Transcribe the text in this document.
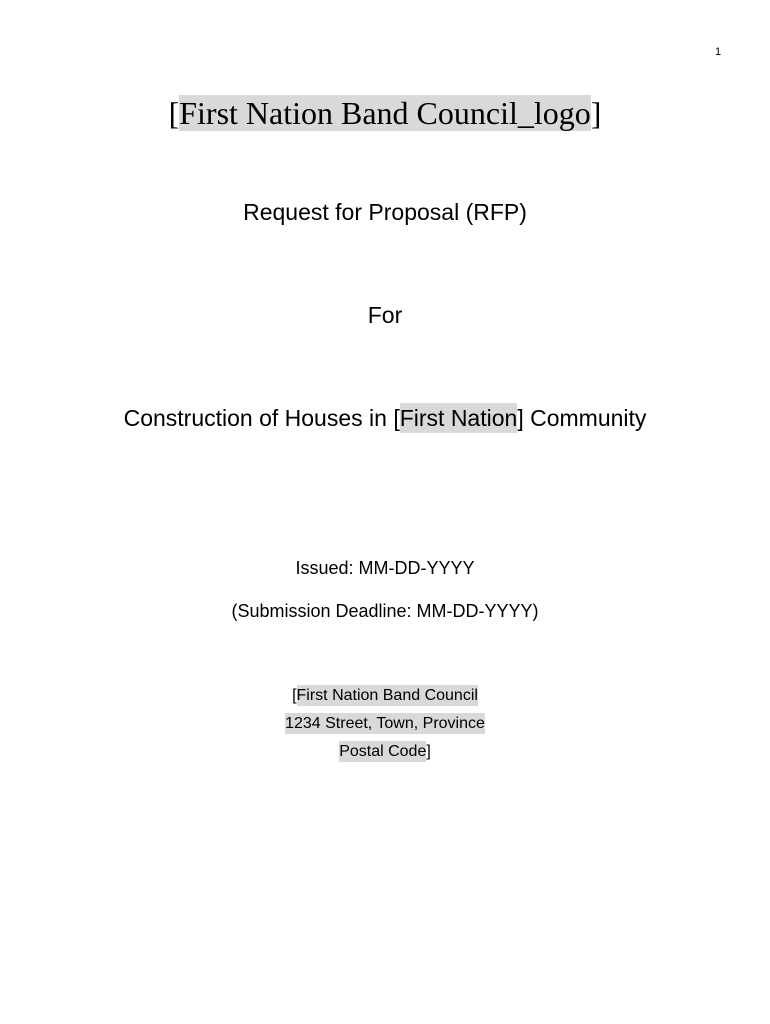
1
[First Nation Band Council_logo]
Request for Proposal (RFP)
For
Construction of Houses in [First Nation] Community
Issued: MM-DD-YYYY
(Submission Deadline: MM-DD-YYYY)
[First Nation Band Council
1234 Street, Town, Province
Postal Code]
